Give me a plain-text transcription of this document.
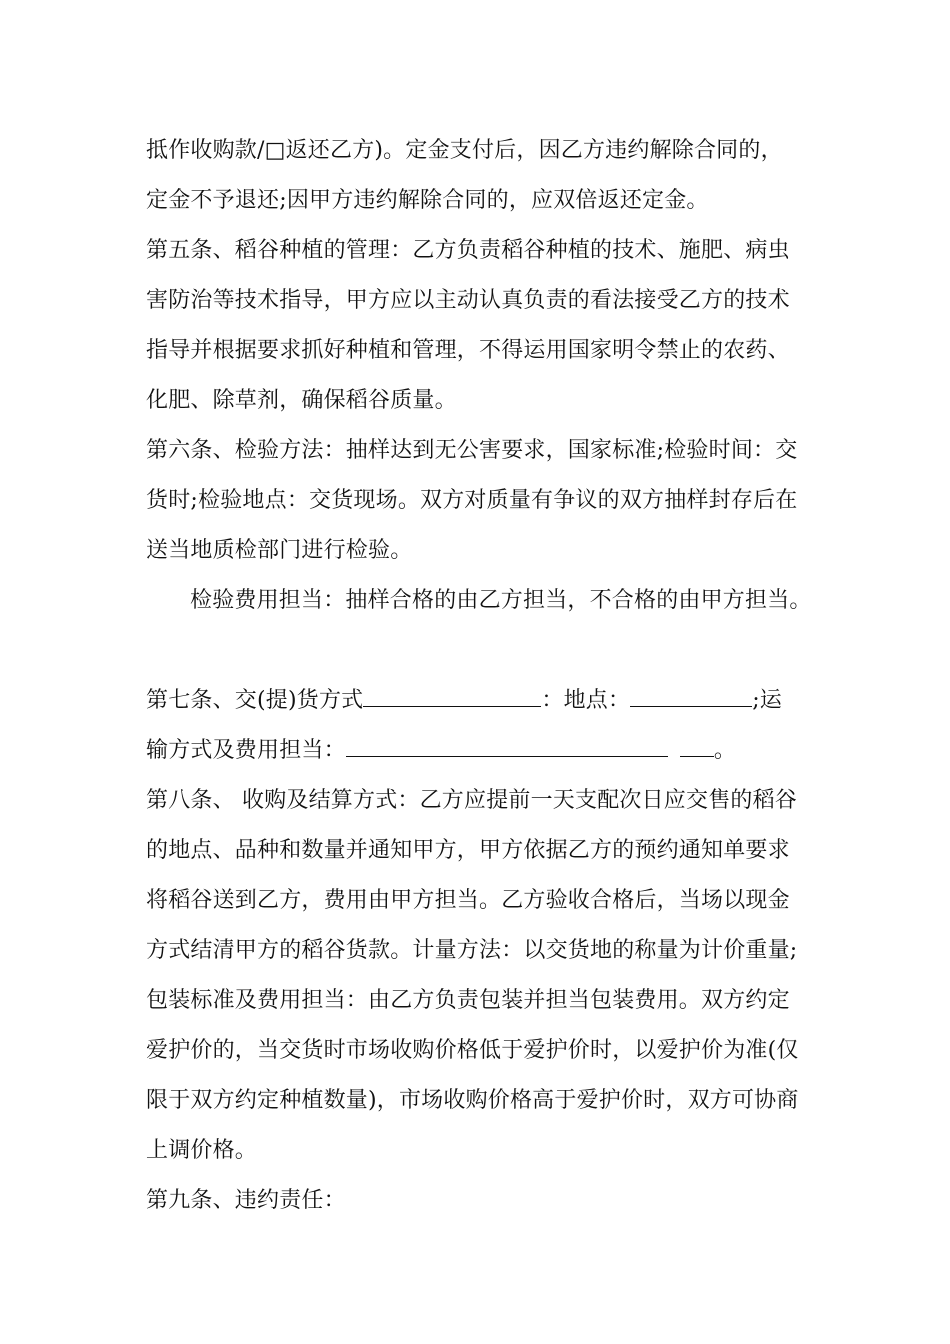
抵作收购款/□返还乙方)。定金支付后，因乙方违约解除合同的，
定金不予退还;因甲方违约解除合同的，应双倍返还定金。
第五条、稻谷种植的管理：乙方负责稻谷种植的技术、施肥、病虫
害防治等技术指导，甲方应以主动认真负责的看法接受乙方的技术
指导并根据要求抓好种植和管理，不得运用国家明令禁止的农药、
化肥、除草剂，确保稻谷质量。
第六条、检验方法：抽样达到无公害要求，国家标准;检验时间：交
货时;检验地点：交货现场。双方对质量有争议的双方抽样封存后在
送当地质检部门进行检验。
检验费用担当：抽样合格的由乙方担当，不合格的由甲方担当。
第七条、交(提)货方式	：地点：	;运
输方式及费用担当：	。
第八条、 收购及结算方式：乙方应提前一天支配次日应交售的稻谷
的地点、品种和数量并通知甲方，甲方依据乙方的预约通知单要求
将稻谷送到乙方，费用由甲方担当。乙方验收合格后，当场以现金
方式结清甲方的稻谷货款。计量方法：以交货地的称量为计价重量;
包装标准及费用担当：由乙方负责包装并担当包装费用。双方约定
爱护价的，当交货时市场收购价格低于爱护价时，以爱护价为准(仅
限于双方约定种植数量)，市场收购价格高于爱护价时，双方可协商
上调价格。
第九条、违约责任：
